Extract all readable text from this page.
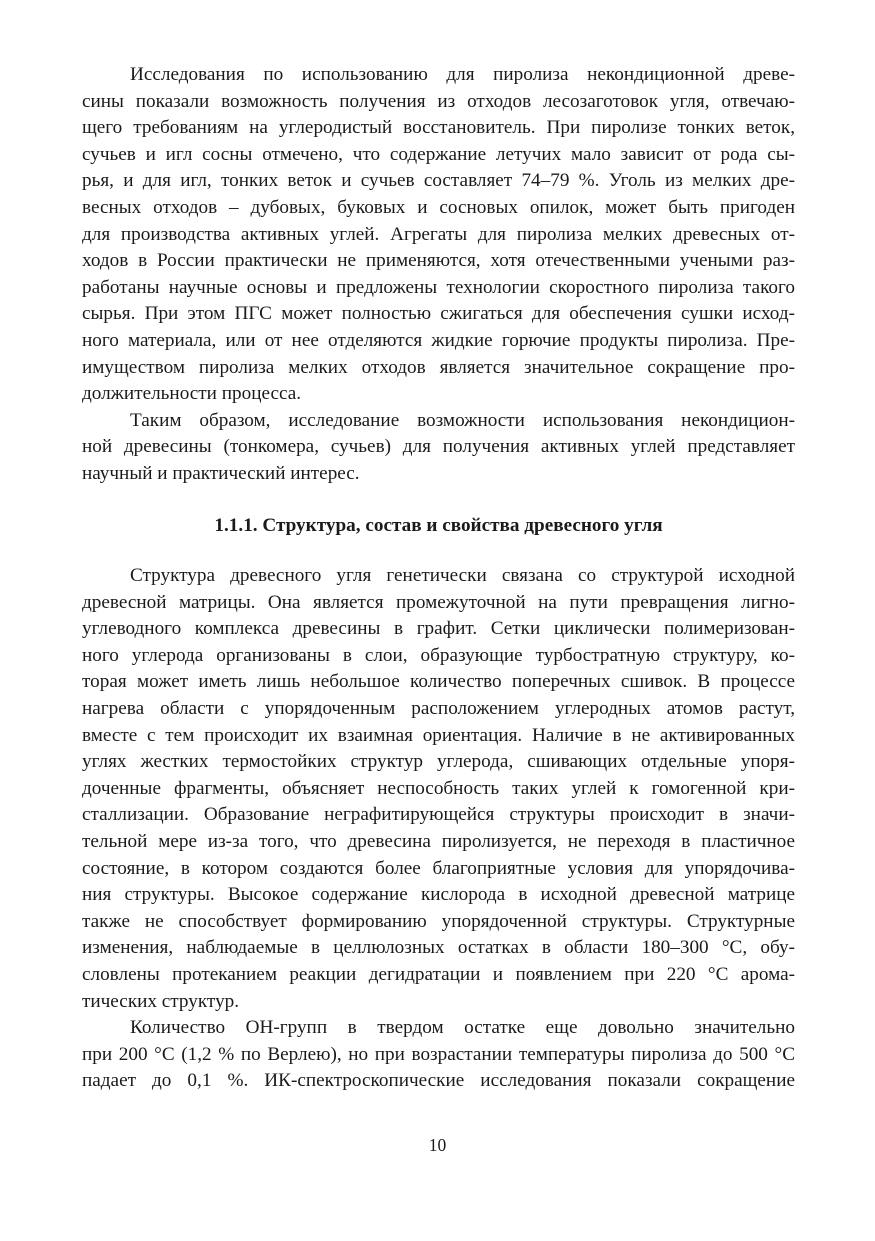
Исследования по использованию для пиролиза некондиционной древе-
сины показали возможность получения из отходов лесозаготовок угля, отвечаю-
щего требованиям на углеродистый восстановитель. При пиролизе тонких веток,
сучьев и игл сосны отмечено, что содержание летучих мало зависит от рода сы-
рья, и для игл, тонких веток и сучьев составляет 74–79 %. Уголь из мелких дре-
весных отходов – дубовых, буковых и сосновых опилок, может быть пригоден
для производства активных углей. Агрегаты для пиролиза мелких древесных от-
ходов в России практически не применяются, хотя отечественными учеными раз-
работаны научные основы и предложены технологии скоростного пиролиза такого
сырья. При этом ПГС может полностью сжигаться для обеспечения сушки исход-
ного материала, или от нее отделяются жидкие горючие продукты пиролиза. Пре-
имуществом пиролиза мелких отходов является значительное сокращение про-
должительности процесса.
Таким образом, исследование возможности использования некондицион-
ной древесины (тонкомера, сучьев) для получения активных углей представляет
научный и практический интерес.
1.1.1. Структура, состав и свойства древесного угля
Структура древесного угля генетически связана со структурой исходной
древесной матрицы. Она является промежуточной на пути превращения лигно-
углеводного комплекса древесины в графит. Сетки циклически полимеризован-
ного углерода организованы в слои, образующие турбостратную структуру, ко-
торая может иметь лишь небольшое количество поперечных сшивок. В процессе
нагрева области с упорядоченным расположением углеродных атомов растут,
вместе с тем происходит их взаимная ориентация. Наличие в не активированных
углях жестких термостойких структур углерода, сшивающих отдельные упоря-
доченные фрагменты, объясняет неспособность таких углей к гомогенной кри-
сталлизации. Образование неграфитирующейся структуры происходит в значи-
тельной мере из-за того, что древесина пиролизуется, не переходя в пластичное
состояние, в котором создаются более благоприятные условия для упорядочива-
ния структуры. Высокое содержание кислорода в исходной древесной матрице
также не способствует формированию упорядоченной структуры. Структурные
изменения, наблюдаемые в целлюлозных остатках в области 180–300 °С, обу-
словлены протеканием реакции дегидратации и появлением при 220 °С арома-
тических структур.
Количество ОН-групп в твердом остатке еще довольно значительно
при 200 °С (1,2 % по Верлею), но при возрастании температуры пиролиза до 500 °С
падает до 0,1 %. ИК-спектроскопические исследования показали сокращение
10
